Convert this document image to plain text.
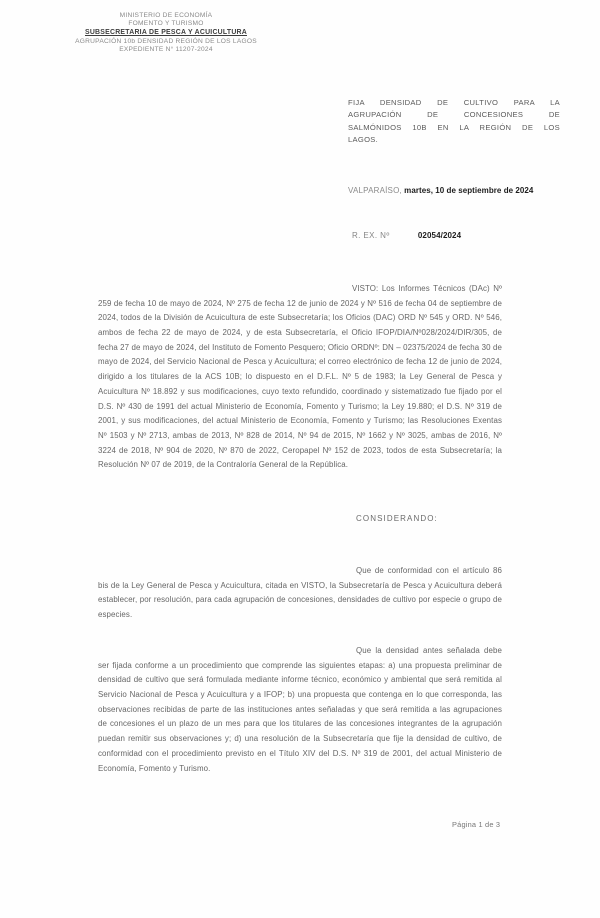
MINISTERIO DE ECONOMÍA
FOMENTO Y TURISMO
SUBSECRETARIA DE PESCA Y ACUICULTURA
AGRUPACIÓN 10b DENSIDAD REGIÓN DE LOS LAGOS
EXPEDIENTE N° 11207-2024
FIJA DENSIDAD DE CULTIVO PARA LA
AGRUPACIÓN DE CONCESIONES DE
SALMÓNIDOS 10B EN LA REGIÓN DE LOS
LAGOS.
VALPARAÍSO, martes, 10 de septiembre de 2024
R. EX. Nº	02054/2024

VISTO: Los Informes Técnicos (DAc) Nº 259 de fecha 10 de mayo de 2024, Nº 275 de fecha 12 de junio de 2024 y Nº 516 de fecha 04 de septiembre de 2024, todos de la División de Acuicultura de este Subsecretaría; los Oficios (DAC) ORD Nº 545 y ORD. Nº 546, ambos de fecha 22 de mayo de 2024, y de esta Subsecretaría, el Oficio IFOP/DIA/Nº028/2024/DIR/305, de fecha 27 de mayo de 2024, del Instituto de Fomento Pesquero; Oficio ORDNº: DN – 02375/2024 de fecha 30 de mayo de 2024, del Servicio Nacional de Pesca y Acuicultura; el correo electrónico de fecha 12 de junio de 2024, dirigido a los titulares de la ACS 10B; lo dispuesto en el D.F.L. Nº 5 de 1983; la Ley General de Pesca y Acuicultura Nº 18.892 y sus modificaciones, cuyo texto refundido, coordinado y sistematizado fue fijado por el D.S. Nº 430 de 1991 del actual Ministerio de Economía, Fomento y Turismo; la Ley 19.880; el D.S. Nº 319 de 2001, y sus modificaciones, del actual Ministerio de Economía, Fomento y Turismo; las Resoluciones Exentas Nº 1503 y Nº 2713, ambas de 2013, Nº 828 de 2014, Nº 94 de 2015, Nº 1662 y Nº 3025, ambas de 2016, Nº 3224 de 2018, Nº 904 de 2020, Nº 870 de 2022, Ceropapel Nº 152 de 2023, todos de esta Subsecretaría; la Resolución Nº 07 de 2019, de la Contraloría General de la República.

CONSIDERANDO:

Que de conformidad con el artículo 86 bis de la Ley General de Pesca y Acuicultura, citada en VISTO, la Subsecretaría de Pesca y Acuicultura deberá establecer, por resolución, para cada agrupación de concesiones, densidades de cultivo por especie o grupo de especies.

Que la densidad antes señalada debe ser fijada conforme a un procedimiento que comprende las siguientes etapas: a) una propuesta preliminar de densidad de cultivo que será formulada mediante informe técnico, económico y ambiental que será remitida al Servicio Nacional de Pesca y Acuicultura y a IFOP; b) una propuesta que contenga en lo que corresponda, las observaciones recibidas de parte de las instituciones antes señaladas y que será remitida a las agrupaciones de concesiones el un plazo de un mes para que los titulares de las concesiones integrantes de la agrupación puedan remitir sus observaciones y; d) una resolución de la Subsecretaría que fije la densidad de cultivo, de conformidad con el procedimiento previsto en el Título XIV del D.S. Nº 319 de 2001, del actual Ministerio de Economía, Fomento y Turismo.

Página 1 de 3
